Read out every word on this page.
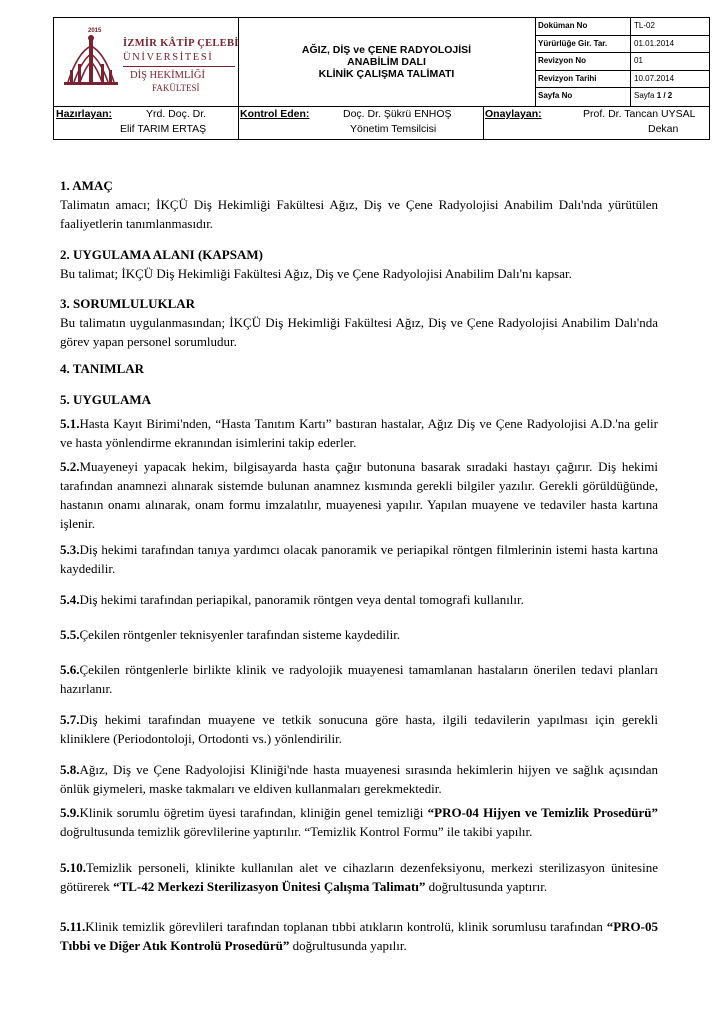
2015
İZMİR KÂTİP ÇELEBİ
ÜNİVERSİTESİ
DİŞ HEKİMLİĞİ
FAKÜLTESİ
AĞIZ, DİŞ ve ÇENE RADYOLOJİSİ
ANABİLİM DALI
KLİNİK ÇALIŞMA TALİMATI
Doküman No	TL-02
Yürürlüğe Gir. Tar.	01.01.2014
Revizyon No	01
Revizyon Tarihi	10.07.2014
Sayfa No	Sayfa 1 / 2
Hazırlayan:	Yrd. Doç. Dr.
Elif TARIM ERTAŞ
Kontrol Eden:	Doç. Dr. Şükrü ENHOŞ
Yönetim Temsilcisi
Onaylayan:	Prof. Dr. Tancan UYSAL
Dekan

1. AMAÇ

Talimatın amacı; İKÇÜ Diş Hekimliği Fakültesi Ağız, Diş ve Çene Radyolojisi Anabilim Dalı'nda yürütülen faaliyetlerin tanımlanmasıdır.

2. UYGULAMA ALANI (KAPSAM)

Bu talimat; İKÇÜ Diş Hekimliği Fakültesi Ağız, Diş ve Çene Radyolojisi Anabilim Dalı'nı kapsar.

3. SORUMLULUKLAR

Bu talimatın uygulanmasından; İKÇÜ Diş Hekimliği Fakültesi Ağız, Diş ve Çene Radyolojisi Anabilim Dalı'nda görev yapan personel sorumludur.

4. TANIMLAR

5. UYGULAMA

5.1.Hasta Kayıt Birimi'nden, “Hasta Tanıtım Kartı” bastıran hastalar, Ağız Diş ve Çene Radyolojisi A.D.'na gelir ve hasta yönlendirme ekranından isimlerini takip ederler.

5.2.Muayeneyi yapacak hekim, bilgisayarda hasta çağır butonuna basarak sıradaki hastayı çağırır. Diş hekimi tarafından anamnezi alınarak sistemde bulunan anamnez kısmında gerekli bilgiler yazılır. Gerekli görüldüğünde, hastanın onamı alınarak, onam formu imzalatılır, muayenesi yapılır. Yapılan muayene ve tedaviler hasta kartına işlenir.

5.3.Diş hekimi tarafından tanıya yardımcı olacak panoramik ve periapikal röntgen filmlerinin istemi hasta kartına kaydedilir.

5.4.Diş hekimi tarafından periapikal, panoramik röntgen veya dental tomografi kullanılır.

5.5.Çekilen röntgenler teknisyenler tarafından sisteme kaydedilir.

5.6.Çekilen röntgenlerle birlikte klinik ve radyolojik muayenesi tamamlanan hastaların önerilen tedavi planları hazırlanır.

5.7.Diş hekimi tarafından muayene ve tetkik sonucuna göre hasta, ilgili tedavilerin yapılması için gerekli kliniklere (Periodontoloji, Ortodonti vs.) yönlendirilir.

5.8.Ağız, Diş ve Çene Radyolojisi Kliniği'nde hasta muayenesi sırasında hekimlerin hijyen ve sağlık açısından önlük giymeleri, maske takmaları ve eldiven kullanmaları gerekmektedir.

5.9.Klinik sorumlu öğretim üyesi tarafından, kliniğin genel temizliği “PRO-04 Hijyen ve Temizlik Prosedürü” doğrultusunda temizlik görevlilerine yaptırılır. “Temizlik Kontrol Formu” ile takibi yapılır.

5.10.Temizlik personeli, klinikte kullanılan alet ve cihazların dezenfeksiyonu, merkezi sterilizasyon ünitesine götürerek “TL-42 Merkezi Sterilizasyon Ünitesi Çalışma Talimatı” doğrultusunda yaptırır.

5.11.Klinik temizlik görevlileri tarafından toplanan tıbbi atıkların kontrolü, klinik sorumlusu tarafından “PRO-05 Tıbbi ve Diğer Atık Kontrolü Prosedürü” doğrultusunda yapılır.
